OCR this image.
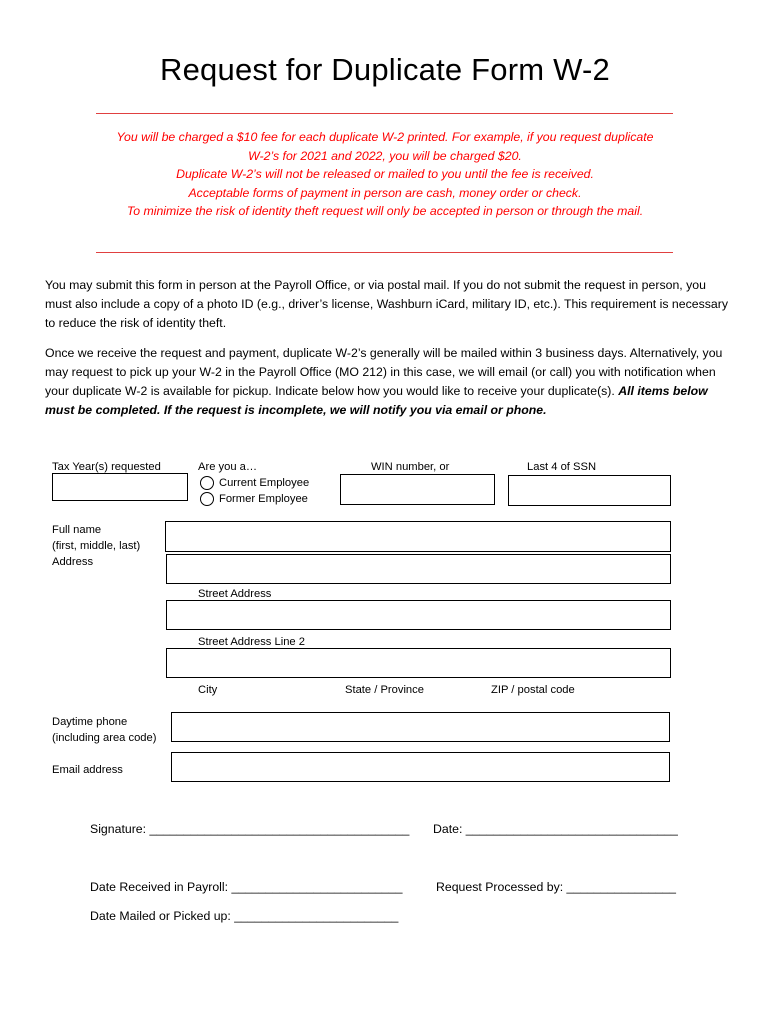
Request for Duplicate Form W-2
You will be charged a $10 fee for each duplicate W-2 printed. For example, if you request duplicate
W-2’s for 2021 and 2022, you will be charged $20.
Duplicate W-2’s will not be released or mailed to you until the fee is received.
Acceptable forms of payment in person are cash, money order or check.
To minimize the risk of identity theft request will only be accepted in person or through the mail.
You may submit this form in person at the Payroll Office, or via postal mail. If you do not submit the request in person, you must also include a copy of a photo ID (e.g., driver’s license, Washburn iCard, military ID, etc.). This requirement is necessary to reduce the risk of identity theft.
Once we receive the request and payment, duplicate W-2’s generally will be mailed within 3 business days. Alternatively, you may request to pick up your W-2 in the Payroll Office (MO 212) in this case, we will email (or call) you with notification when your duplicate W-2 is available for pickup. Indicate below how you would like to receive your duplicate(s). All items below must be completed. If the request is incomplete, we will notify you via email or phone.
Tax Year(s) requested	Are you a…	WIN number, or	Last 4 of SSN
Current Employee
Former Employee
Full name
(first, middle, last)
Address
Street Address
Street Address Line 2
City	State / Province	ZIP / postal code
Daytime phone
(including area code)
Email address
Signature: ______________________________________ Date: _______________________________
Date Received in Payroll: _________________________	Request Processed by: ________________
Date Mailed or Picked up: ________________________
